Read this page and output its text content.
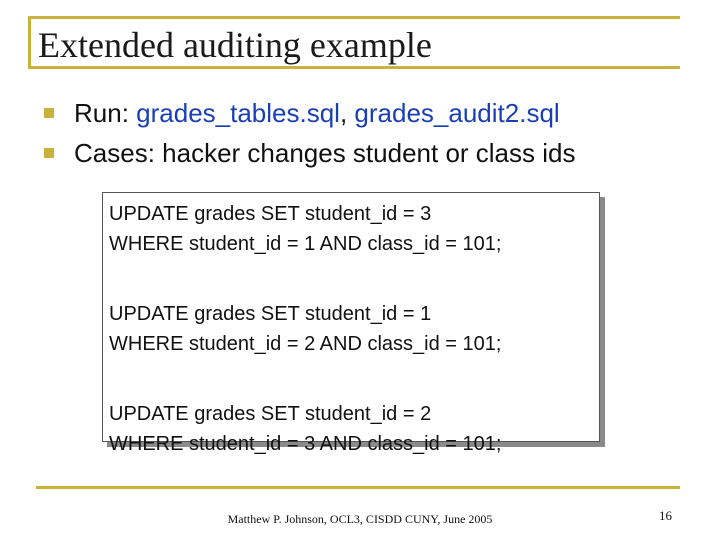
Extended auditing example
Run: grades_tables.sql, grades_audit2.sql
Cases: hacker changes student or class ids
UPDATE grades SET student_id = 3
WHERE student_id = 1 AND class_id = 101;
UPDATE grades SET student_id = 1
WHERE student_id = 2 AND class_id = 101;
UPDATE grades SET student_id = 2
WHERE student_id = 3 AND class_id = 101;
Matthew P. Johnson, OCL3, CISDD CUNY, June 2005	16
